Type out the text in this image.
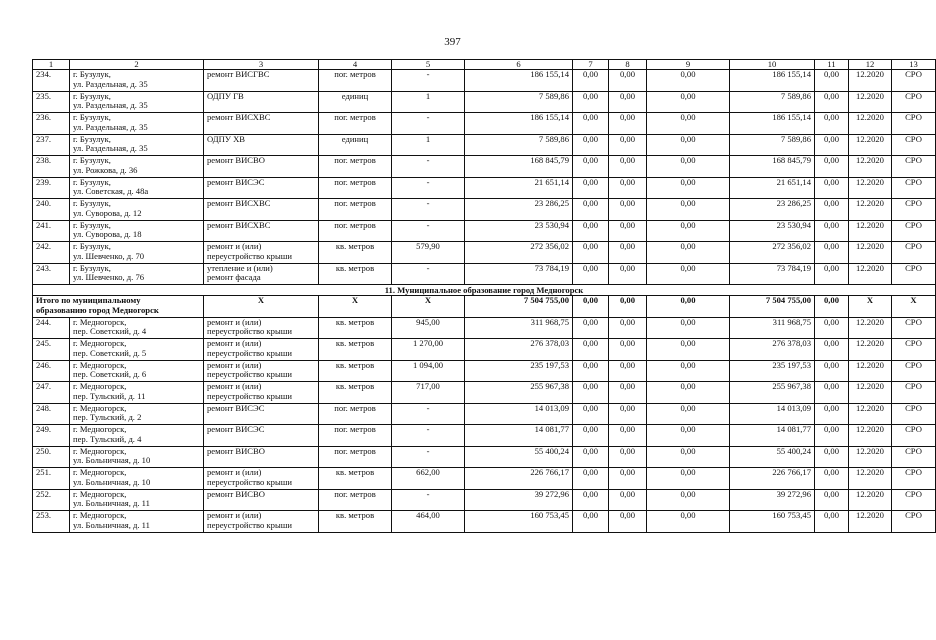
397
1	2	3	4	5	6	7	8	9	10	11	12	13
234.	г. Бузулук,
ул. Раздельная, д. 35	ремонт ВИСГВС	пог. метров	-	186 155,14	0,00	0,00	0,00	186 155,14	0,00	12.2020	СРО
235.	г. Бузулук,
ул. Раздельная, д. 35	ОДПУ ГВ	единиц	1	7 589,86	0,00	0,00	0,00	7 589,86	0,00	12.2020	СРО
236.	г. Бузулук,
ул. Раздельная, д. 35	ремонт ВИСХВС	пог. метров	-	186 155,14	0,00	0,00	0,00	186 155,14	0,00	12.2020	СРО
237.	г. Бузулук,
ул. Раздельная, д. 35	ОДПУ ХВ	единиц	1	7 589,86	0,00	0,00	0,00	7 589,86	0,00	12.2020	СРО
238.	г. Бузулук,
ул. Рожкова, д. 36	ремонт ВИСВО	пог. метров	-	168 845,79	0,00	0,00	0,00	168 845,79	0,00	12.2020	СРО
239.	г. Бузулук,
ул. Советская, д. 48а	ремонт ВИСЭС	пог. метров	-	21 651,14	0,00	0,00	0,00	21 651,14	0,00	12.2020	СРО
240.	г. Бузулук,
ул. Суворова, д. 12	ремонт ВИСХВС	пог. метров	-	23 286,25	0,00	0,00	0,00	23 286,25	0,00	12.2020	СРО
241.	г. Бузулук,
ул. Суворова, д. 18	ремонт ВИСХВС	пог. метров	-	23 530,94	0,00	0,00	0,00	23 530,94	0,00	12.2020	СРО
242.	г. Бузулук,
ул. Шевченко, д. 70	ремонт и (или)
переустройство крыши	кв. метров	579,90	272 356,02	0,00	0,00	0,00	272 356,02	0,00	12.2020	СРО
243.	г. Бузулук,
ул. Шевченко, д. 76	утепление и (или)
ремонт фасада	кв. метров	-	73 784,19	0,00	0,00	0,00	73 784,19	0,00	12.2020	СРО
11. Муниципальное образование город Медногорск												

Итого по муниципальному
образованию город Медногорск		X	X	X	7 504 755,00	0,00	0,00	0,00	7 504 755,00	0,00	X	X
244.	г. Медногорск,
пер. Советский, д. 4	ремонт и (или)
переустройство крыши	кв. метров	945,00	311 968,75	0,00	0,00	0,00	311 968,75	0,00	12.2020	СРО
245.	г. Медногорск,
пер. Советский, д. 5	ремонт и (или)
переустройство крыши	кв. метров	1 270,00	276 378,03	0,00	0,00	0,00	276 378,03	0,00	12.2020	СРО
246.	г. Медногорск,
пер. Советский, д. 6	ремонт и (или)
переустройство крыши	кв. метров	1 094,00	235 197,53	0,00	0,00	0,00	235 197,53	0,00	12.2020	СРО
247.	г. Медногорск,
пер. Тульский, д. 11	ремонт и (или)
переустройство крыши	кв. метров	717,00	255 967,38	0,00	0,00	0,00	255 967,38	0,00	12.2020	СРО
248.	г. Медногорск,
пер. Тульский, д. 2	ремонт ВИСЭС	пог. метров	-	14 013,09	0,00	0,00	0,00	14 013,09	0,00	12.2020	СРО
249.	г. Медногорск,
пер. Тульский, д. 4	ремонт ВИСЭС	пог. метров	-	14 081,77	0,00	0,00	0,00	14 081,77	0,00	12.2020	СРО
250.	г. Медногорск,
ул. Больничная, д. 10	ремонт ВИСВО	пог. метров	-	55 400,24	0,00	0,00	0,00	55 400,24	0,00	12.2020	СРО
251.	г. Медногорск,
ул. Больничная, д. 10	ремонт и (или)
переустройство крыши	кв. метров	662,00	226 766,17	0,00	0,00	0,00	226 766,17	0,00	12.2020	СРО
252.	г. Медногорск,
ул. Больничная, д. 11	ремонт ВИСВО	пог. метров	-	39 272,96	0,00	0,00	0,00	39 272,96	0,00	12.2020	СРО
253.	г. Медногорск,
ул. Больничная, д. 11	ремонт и (или)
переустройство крыши	кв. метров	464,00	160 753,45	0,00	0,00	0,00	160 753,45	0,00	12.2020	СРО
